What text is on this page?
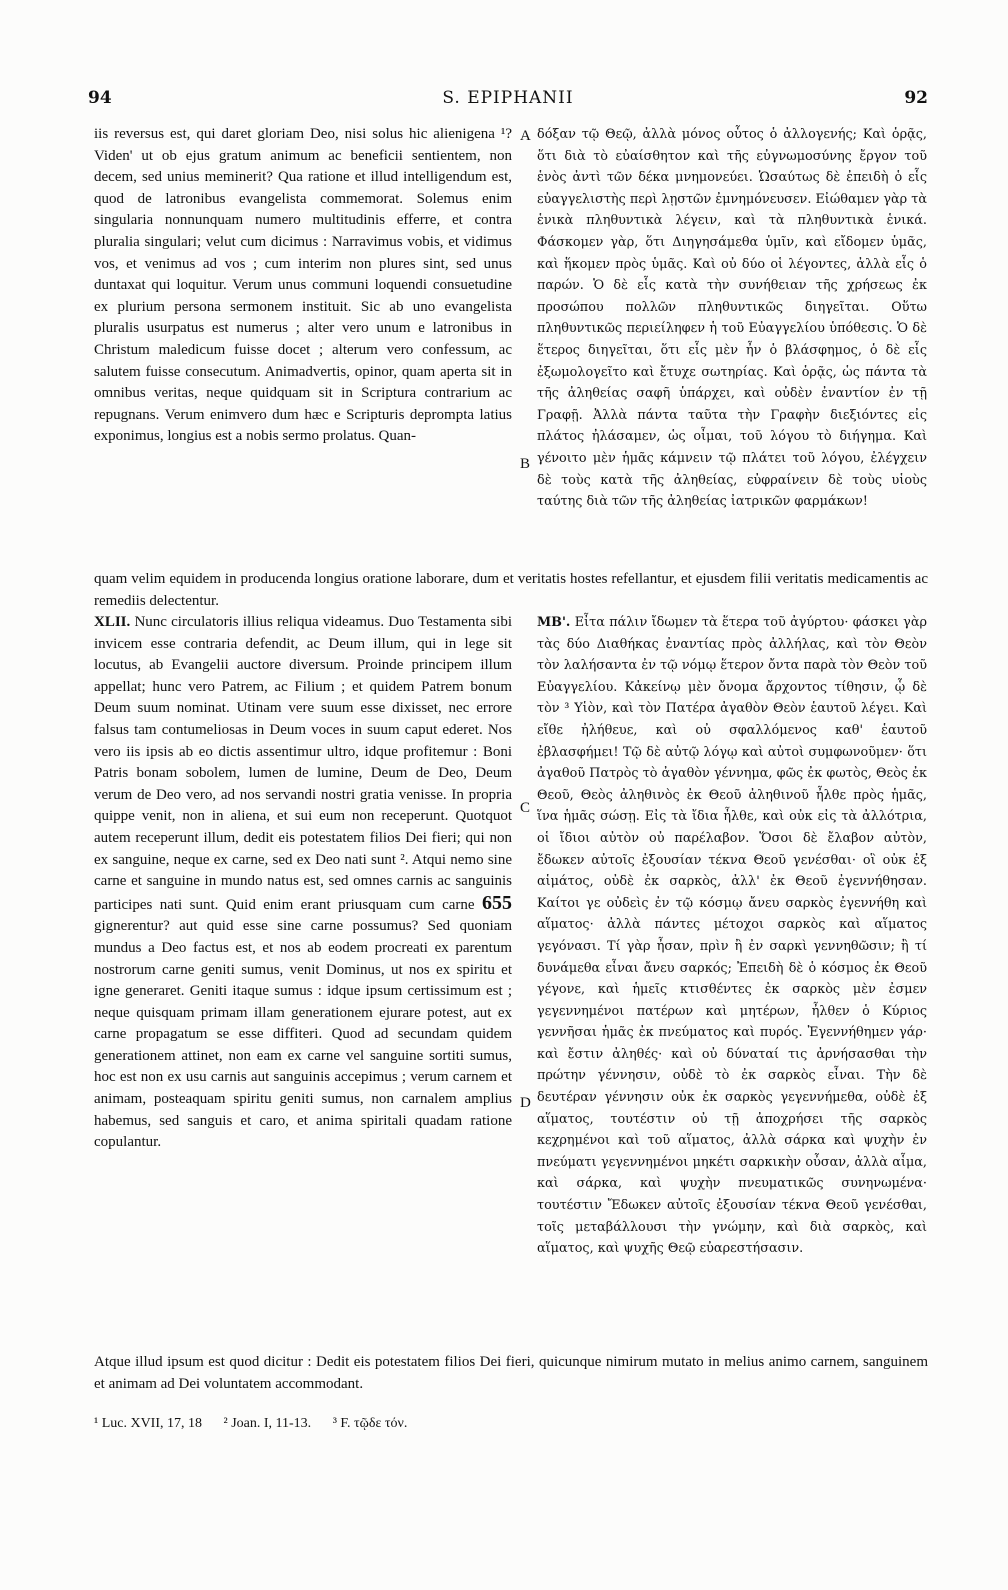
94	S. EPIPHANII	92

iis reversus est, qui daret gloriam Deo, nisi solus hic alienigena ¹? Viden' ut ob ejus gratum animum ac beneficii sentientem, non decem, sed unius meminerit? Qua ratione et illud intelligendum est, quod de latronibus evangelista commemorat. Solemus enim singularia nonnunquam numero multitudinis efferre, et contra pluralia singulari; velut cum dicimus : Narravimus vobis, et vidimus vos, et venimus ad vos ; cum interim non plures sint, sed unus duntaxat qui loquitur. Verum unus communi loquendi consuetudine ex plurium persona sermonem instituit. Sic ab uno evangelista pluralis usurpatus est numerus ; alter vero unum e latronibus in Christum maledicum fuisse docet ; alterum vero confessum, ac salutem fuisse consecutum. Animadvertis, opinor, quam aperta sit in omnibus veritas, neque quidquam sit in Scriptura contrarium ac repugnans. Verum enimvero dum hæc e Scripturis deprompta latius exponimus, longius est a nobis sermo prolatus. Quan-

A δόξαν τῷ Θεῷ, ἀλλὰ μόνος οὗτος ὁ ἀλλογενής; Καὶ ὁρᾷς, ὅτι διὰ τὸ εὐαίσθητον καὶ τῆς εὐγνωμοσύνης ἔργον τοῦ ἑνὸς ἀντὶ τῶν δέκα μνημονεύει. Ὡσαύτως δὲ ἐπειδὴ ὁ εἷς εὐαγγελιστὴς περὶ λῃστῶν ἐμνημόνευσεν. Εἰώθαμεν γὰρ τὰ ἑνικὰ πληθυντικὰ λέγειν, καὶ τὰ πληθυντικὰ ἑνικά. Φάσκομεν γὰρ, ὅτι Διηγησάμεθα ὑμῖν, καὶ εἴδομεν ὑμᾶς, καὶ ἥκομεν πρὸς ὑμᾶς. Καὶ οὐ δύο οἱ λέγοντες, ἀλλὰ εἷς ὁ παρών. Ὁ δὲ εἷς κατὰ τὴν συνήθειαν τῆς χρήσεως ἐκ προσώπου πολλῶν πληθυντικῶς διηγεῖται. Οὕτω πληθυντικῶς περιείληφεν ἡ τοῦ Εὐαγγελίου ὑπόθεσις. Ὁ δὲ ἕτερος διηγεῖται, ὅτι εἷς μὲν ἦν ὁ βλάσφημος, ὁ δὲ εἷς ἐξωμολογεῖτο καὶ ἔτυχε σωτηρίας. Καὶ ὁρᾷς, ὡς πάντα τὰ τῆς ἀληθείας σαφῆ ὑπάρχει, καὶ οὐδὲν ἐναντίον ἐν τῇ Γραφῇ. Ἀλλὰ πάντα ταῦτα τὴν Γραφὴν διεξιόντες εἰς πλάτος ἠλάσαμεν, ὡς οἶμαι, τοῦ λόγου τὸ διήγημα. Καὶ γένοιτο μὲν ἡμᾶς κάμνειν τῷ πλάτει τοῦ λόγου, ἐλέγχειν δὲ τοὺς κατὰ τῆς ἀληθείας, εὐφραίνειν δὲ τοὺς υἱοὺς ταύτης διὰ τῶν τῆς ἀληθείας ἰατρικῶν φαρμάκων!

B
quam velim equidem in producenda longius oratione laborare, dum et veritatis hostes refellantur, et ejusdem filii veritatis medicamentis ac remediis delectentur.

XLII. Nunc circulatoris illius reliqua videamus. Duo Testamenta sibi invicem esse contraria defendit, ac Deum illum, qui in lege sit locutus, ab Evangelii auctore diversum. Proinde principem illum appellat; hunc vero Patrem, ac Filium ; et quidem Patrem bonum Deum suum nominat. Utinam vere suum esse dixisset, nec errore falsus tam contumeliosas in Deum voces in suum caput ederet. Nos vero iis ipsis ab eo dictis assentimur ultro, idque profitemur : Boni Patris bonam sobolem, lumen de lumine, Deum de Deo, Deum verum de Deo vero, ad nos servandi nostri gratia venisse. In propria quippe venit, non in aliena, et sui eum non receperunt. Quotquot autem receperunt illum, dedit eis potestatem filios Dei fieri; qui non ex sanguine, neque ex carne, sed ex Deo nati sunt ². Atqui nemo sine carne et sanguine in mundo natus est, sed omnes carnis ac sanguinis participes nati sunt. Quid enim erant priusquam cum carne 655 gignerentur? aut quid esse sine carne possumus? Sed quoniam mundus a Deo factus est, et nos ab eodem procreati ex parentum nostrorum carne geniti sumus, venit Dominus, ut nos ex spiritu et igne generaret. Geniti itaque sumus : idque ipsum certissimum est ; neque quisquam primam illam generationem ejurare potest, aut ex carne propagatum se esse diffiteri. Quod ad secundam quidem generationem attinet, non eam ex carne vel sanguine sortiti sumus, hoc est non ex usu carnis aut sanguinis accepimus ; verum carnem et animam, posteaquam spiritu geniti sumus, non carnalem amplius habemus, sed sanguis et caro, et anima spiritali quadam ratione copulantur.

C

ΜΒ'. Εἶτα πάλιν ἴδωμεν τὰ ἕτερα τοῦ ἀγύρτου· φάσκει γὰρ τὰς δύο Διαθήκας ἐναντίας πρὸς ἀλλήλας, καὶ τὸν Θεὸν τὸν λαλήσαντα ἐν τῷ νόμῳ ἕτερον ὄντα παρὰ τὸν Θεὸν τοῦ Εὐαγγελίου. Κἀκείνῳ μὲν ὄνομα ἄρχοντος τίθησιν, ᾧ δὲ τὸν ³ Υἱὸν, καὶ τὸν Πατέρα ἀγαθὸν Θεὸν ἑαυτοῦ λέγει. Καὶ εἴθε ἠλήθευε, καὶ οὐ σφαλλόμενος καθ' ἑαυτοῦ ἐβλασφήμει! Τῷ δὲ αὐτῷ λόγῳ καὶ αὐτοὶ συμφωνοῦμεν· ὅτι ἀγαθοῦ Πατρὸς τὸ ἀγαθὸν γέννημα, φῶς ἐκ φωτὸς, Θεὸς ἐκ Θεοῦ, Θεὸς ἀληθινὸς ἐκ Θεοῦ ἀληθινοῦ ἦλθε πρὸς ἡμᾶς, ἵνα ἡμᾶς σώσῃ. Εἰς τὰ ἴδια ἦλθε, καὶ οὐκ εἰς τὰ ἀλλότρια, οἱ ἴδιοι αὐτὸν οὐ παρέλαβον. Ὅσοι δὲ ἔλαβον αὐτὸν, ἔδωκεν αὐτοῖς ἐξουσίαν τέκνα Θεοῦ γενέσθαι· οἳ οὐκ ἐξ αἱμάτος, οὐδὲ ἐκ σαρκὸς, ἀλλ' ἐκ Θεοῦ ἐγεννήθησαν. Καίτοι γε οὐδεὶς ἐν τῷ κόσμῳ ἄνευ σαρκὸς ἐγεννήθη καὶ αἵματος· ἀλλὰ πάντες μέτοχοι σαρκὸς καὶ αἵματος γεγόνασι. Τί γὰρ ἦσαν, πρὶν ἢ ἐν σαρκὶ γεννηθῶσιν; ἢ τί δυνάμεθα εἶναι ἄνευ σαρκός; Ἐπειδὴ δὲ ὁ κόσμος ἐκ Θεοῦ γέγονε, καὶ ἡμεῖς κτισθέντες ἐκ σαρκὸς μὲν ἐσμεν γεγεννημένοι πατέρων καὶ μητέρων, ἦλθεν ὁ Κύριος γεννῆσαι ἡμᾶς ἐκ πνεύματος καὶ πυρός. Ἐγεννήθημεν γάρ· καὶ ἔστιν ἀληθές· καὶ οὐ δύναταί τις ἀρνήσασθαι τὴν πρώτην γέννησιν, οὐδὲ τὸ ἐκ σαρκὸς εἶναι. Τὴν δὲ δευτέραν γέννησιν οὐκ ἐκ σαρκὸς γεγεννήμεθα, οὐδὲ ἐξ αἵματος, τουτέστιν οὐ τῇ ἀποχρήσει τῆς σαρκὸς κεχρημένοι καὶ τοῦ αἵματος, ἀλλὰ σάρκα καὶ ψυχὴν ἐν πνεύματι γεγεννημένοι μηκέτι σαρκικὴν οὖσαν, ἀλλὰ αἷμα, καὶ σάρκα, καὶ ψυχὴν πνευματικῶς συνηνωμένα· τουτέστιν Ἔδωκεν αὐτοῖς ἐξουσίαν τέκνα Θεοῦ γενέσθαι, τοῖς μεταβάλλουσι τὴν γνώμην, καὶ διὰ σαρκὸς, καὶ αἵματος, καὶ ψυχῆς Θεῷ εὐαρεστήσασιν.

D
Atque illud ipsum est quod dicitur : Dedit eis potestatem filios Dei fieri, quicunque nimirum mutato in melius animo carnem, sanguinem et animam ad Dei voluntatem accommodant.
¹ Luc. XVII, 17, 18 ² Joan. I, 11-13. ³ F. τῷδε τόν.
